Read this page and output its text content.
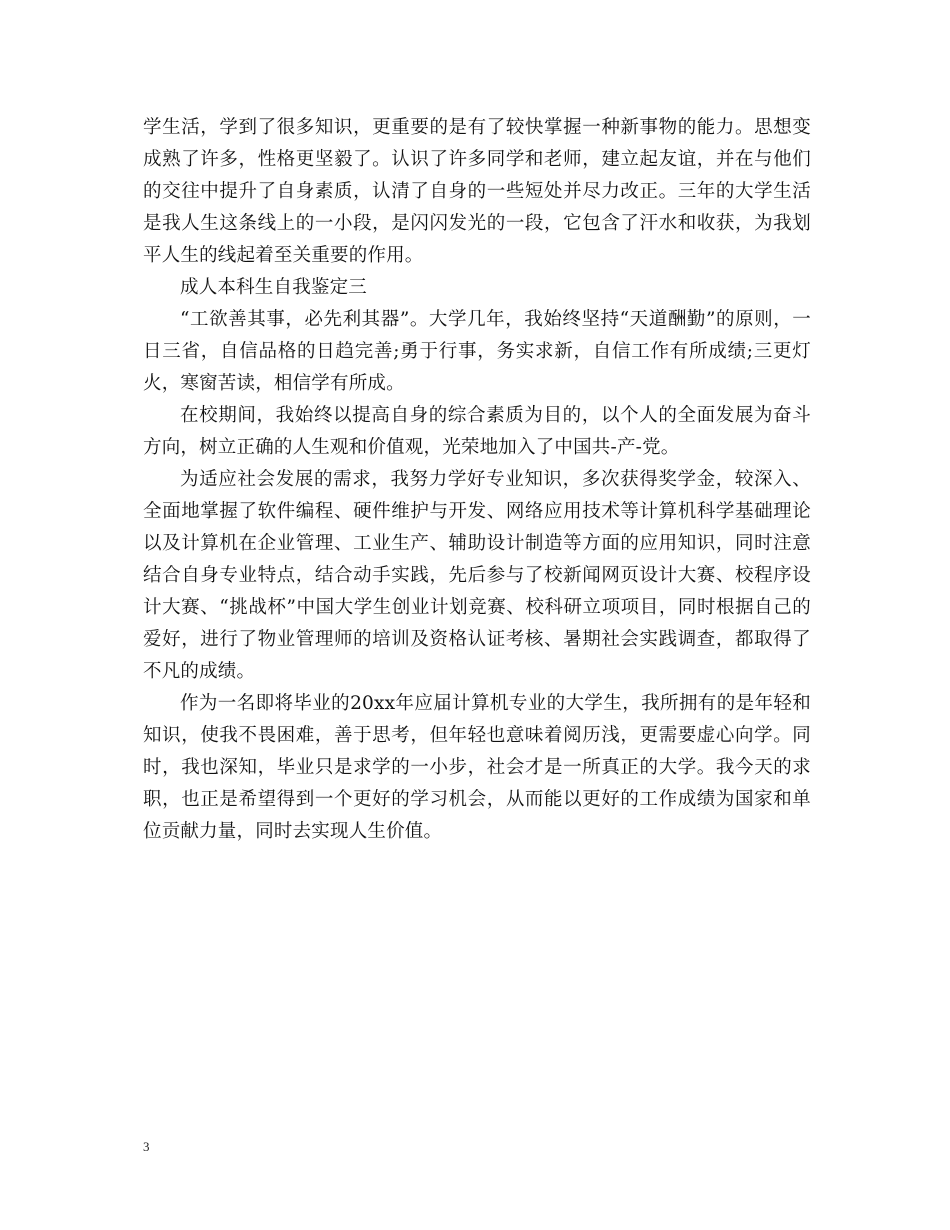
学生活，学到了很多知识，更重要的是有了较快掌握一种新事物的能力。思想变成熟了许多，性格更坚毅了。认识了许多同学和老师，建立起友谊，并在与他们的交往中提升了自身素质，认清了自身的一些短处并尽力改正。三年的大学生活是我人生这条线上的一小段，是闪闪发光的一段，它包含了汗水和收获，为我划平人生的线起着至关重要的作用。

成人本科生自我鉴定三

“工欲善其事，必先利其器”。大学几年，我始终坚持“天道酬勤”的原则，一日三省，自信品格的日趋完善;勇于行事，务实求新，自信工作有所成绩;三更灯火，寒窗苦读，相信学有所成。

在校期间，我始终以提高自身的综合素质为目的，以个人的全面发展为奋斗方向，树立正确的人生观和价值观，光荣地加入了中国共-产-党。

为适应社会发展的需求，我努力学好专业知识，多次获得奖学金，较深入、全面地掌握了软件编程、硬件维护与开发、网络应用技术等计算机科学基础理论以及计算机在企业管理、工业生产、辅助设计制造等方面的应用知识，同时注意结合自身专业特点，结合动手实践，先后参与了校新闻网页设计大赛、校程序设计大赛、“挑战杯”中国大学生创业计划竞赛、校科研立项项目，同时根据自己的爱好，进行了物业管理师的培训及资格认证考核、暑期社会实践调查，都取得了不凡的成绩。

作为一名即将毕业的20xx年应届计算机专业的大学生，我所拥有的是年轻和知识，使我不畏困难，善于思考，但年轻也意味着阅历浅，更需要虚心向学。同时，我也深知，毕业只是求学的一小步，社会才是一所真正的大学。我今天的求职，也正是希望得到一个更好的学习机会，从而能以更好的工作成绩为国家和单位贡献力量，同时去实现人生价值。

3
